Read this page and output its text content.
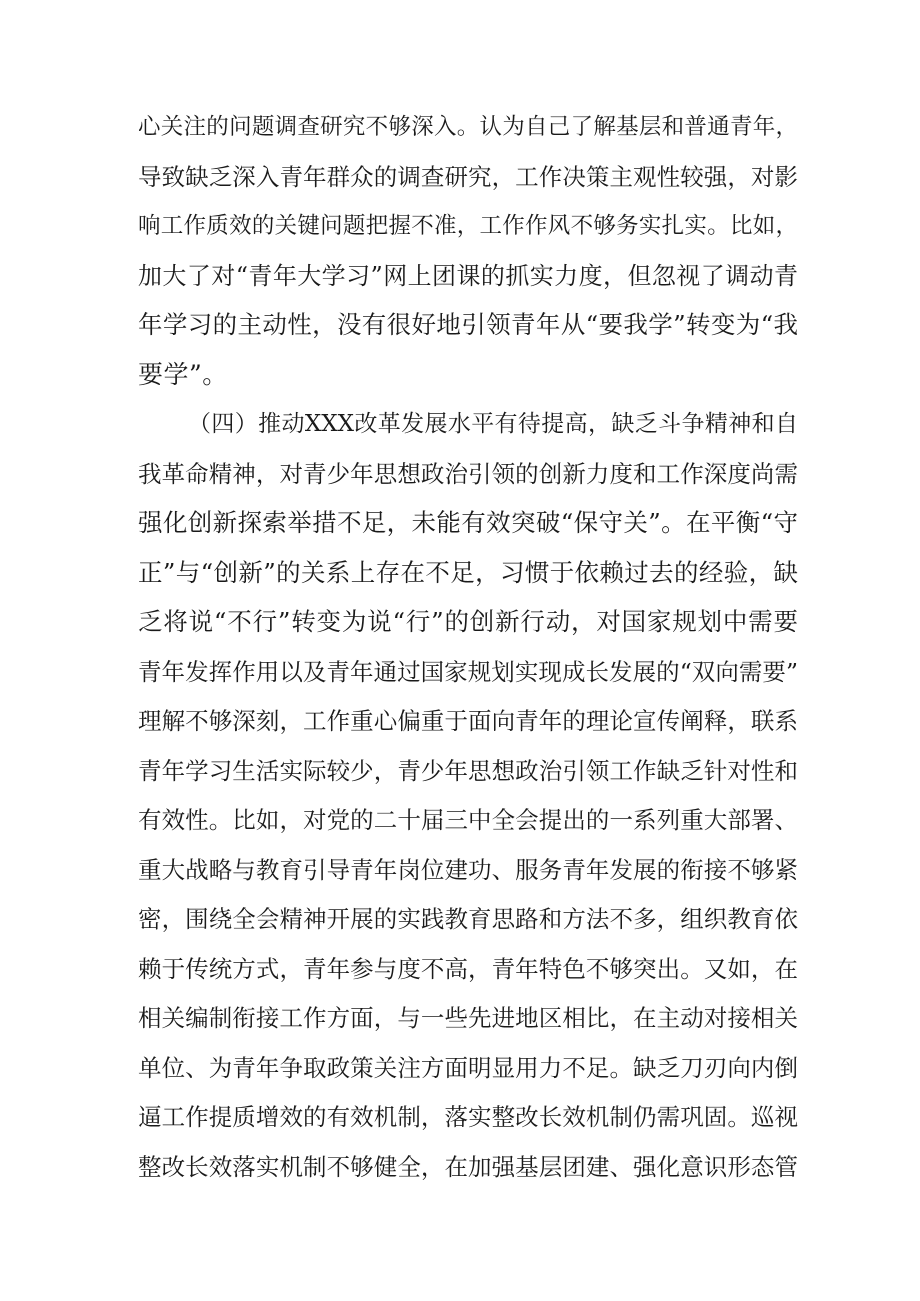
心关注的问题调查研究不够深入。认为自己了解基层和普通青年，
导致缺乏深入青年群众的调查研究，工作决策主观性较强，对影
响工作质效的关键问题把握不准，工作作风不够务实扎实。比如，
加大了对“青年大学习”网上团课的抓实力度，但忽视了调动青
年学习的主动性，没有很好地引领青年从“要我学”转变为“我
要学”。
（四）推动XXX改革发展水平有待提高，缺乏斗争精神和自
我革命精神，对青少年思想政治引领的创新力度和工作深度尚需
强化创新探索举措不足，未能有效突破“保守关”。在平衡“守
正”与“创新”的关系上存在不足，习惯于依赖过去的经验，缺
乏将说“不行”转变为说“行”的创新行动，对国家规划中需要
青年发挥作用以及青年通过国家规划实现成长发展的“双向需要”
理解不够深刻，工作重心偏重于面向青年的理论宣传阐释，联系
青年学习生活实际较少，青少年思想政治引领工作缺乏针对性和
有效性。比如，对党的二十届三中全会提出的一系列重大部署、
重大战略与教育引导青年岗位建功、服务青年发展的衔接不够紧
密，围绕全会精神开展的实践教育思路和方法不多，组织教育依
赖于传统方式，青年参与度不高，青年特色不够突出。又如，在
相关编制衔接工作方面，与一些先进地区相比，在主动对接相关
单位、为青年争取政策关注方面明显用力不足。缺乏刀刃向内倒
逼工作提质增效的有效机制，落实整改长效机制仍需巩固。巡视
整改长效落实机制不够健全，在加强基层团建、强化意识形态管
